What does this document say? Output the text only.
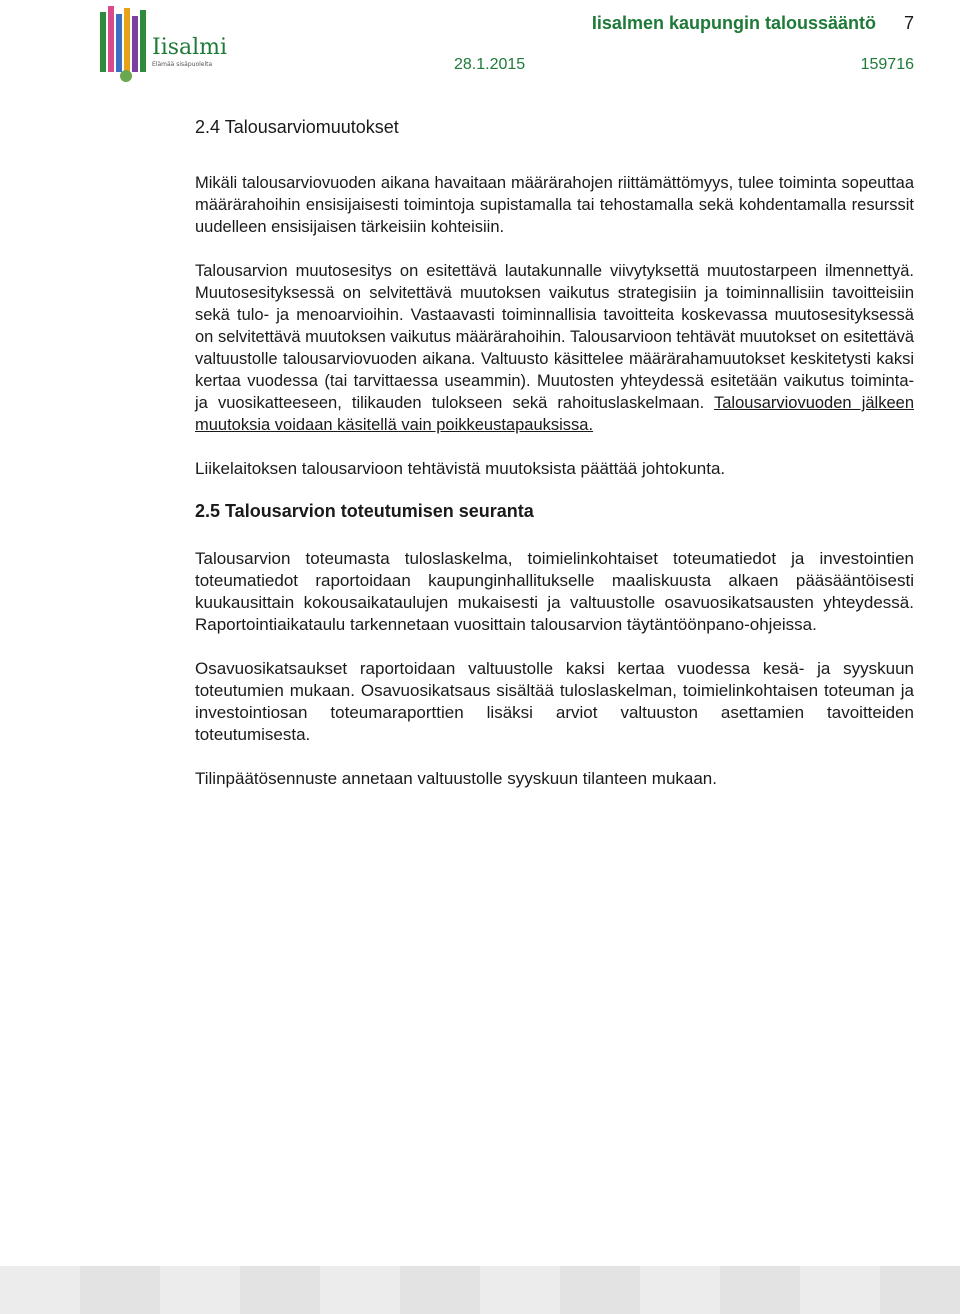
Iisalmi
Elämää sisäpuolelta
Iisalmen kaupungin taloussääntö 7
28.1.2015	159716
2.4 Talousarviomuutokset

Mikäli talousarviovuoden aikana havaitaan määrärahojen riittämättömyys, tulee toiminta sopeuttaa määrärahoihin ensisijaisesti toimintoja supistamalla tai tehostamalla sekä kohdentamalla resurssit uudelleen ensisijaisen tärkeisiin kohteisiin.

Talousarvion muutosesitys on esitettävä lautakunnalle viivytyksettä muutostarpeen ilmennettyä. Muutosesityksessä on selvitettävä muutoksen vaikutus strategisiin ja toiminnallisiin tavoitteisiin sekä tulo- ja menoarvioihin. Vastaavasti toiminnallisia tavoitteita koskevassa muutosesityksessä on selvitettävä muutoksen vaikutus määrärahoihin. Talousarvioon tehtävät muutokset on esitettävä valtuustolle talousarviovuoden aikana. Valtuusto käsittelee määrärahamuutokset keskitetysti kaksi kertaa vuodessa (tai tarvittaessa useammin). Muutosten yhteydessä esitetään vaikutus toiminta- ja vuosikatteeseen, tilikauden tulokseen sekä rahoituslaskelmaan. Talousarviovuoden jälkeen muutoksia voidaan käsitellä vain poikkeustapauksissa.

Liikelaitoksen talousarvioon tehtävistä muutoksista päättää johtokunta.

2.5 Talousarvion toteutumisen seuranta

Talousarvion toteumasta tuloslaskelma, toimielinkohtaiset toteumatiedot ja investointien toteumatiedot raportoidaan kaupunginhallitukselle maaliskuusta alkaen pääsääntöisesti kuukausittain kokousaikataulujen mukaisesti ja valtuustolle osavuosikatsausten yhteydessä. Raportointiaikataulu tarkennetaan vuosittain talousarvion täytäntöönpano-ohjeissa.

Osavuosikatsaukset raportoidaan valtuustolle kaksi kertaa vuodessa kesä- ja syyskuun toteutumien mukaan. Osavuosikatsaus sisältää tuloslaskelman, toimielinkohtaisen toteuman ja investointiosan toteumaraporttien lisäksi arviot valtuuston asettamien tavoitteiden toteutumisesta.

Tilinpäätösennuste annetaan valtuustolle syyskuun tilanteen mukaan.
